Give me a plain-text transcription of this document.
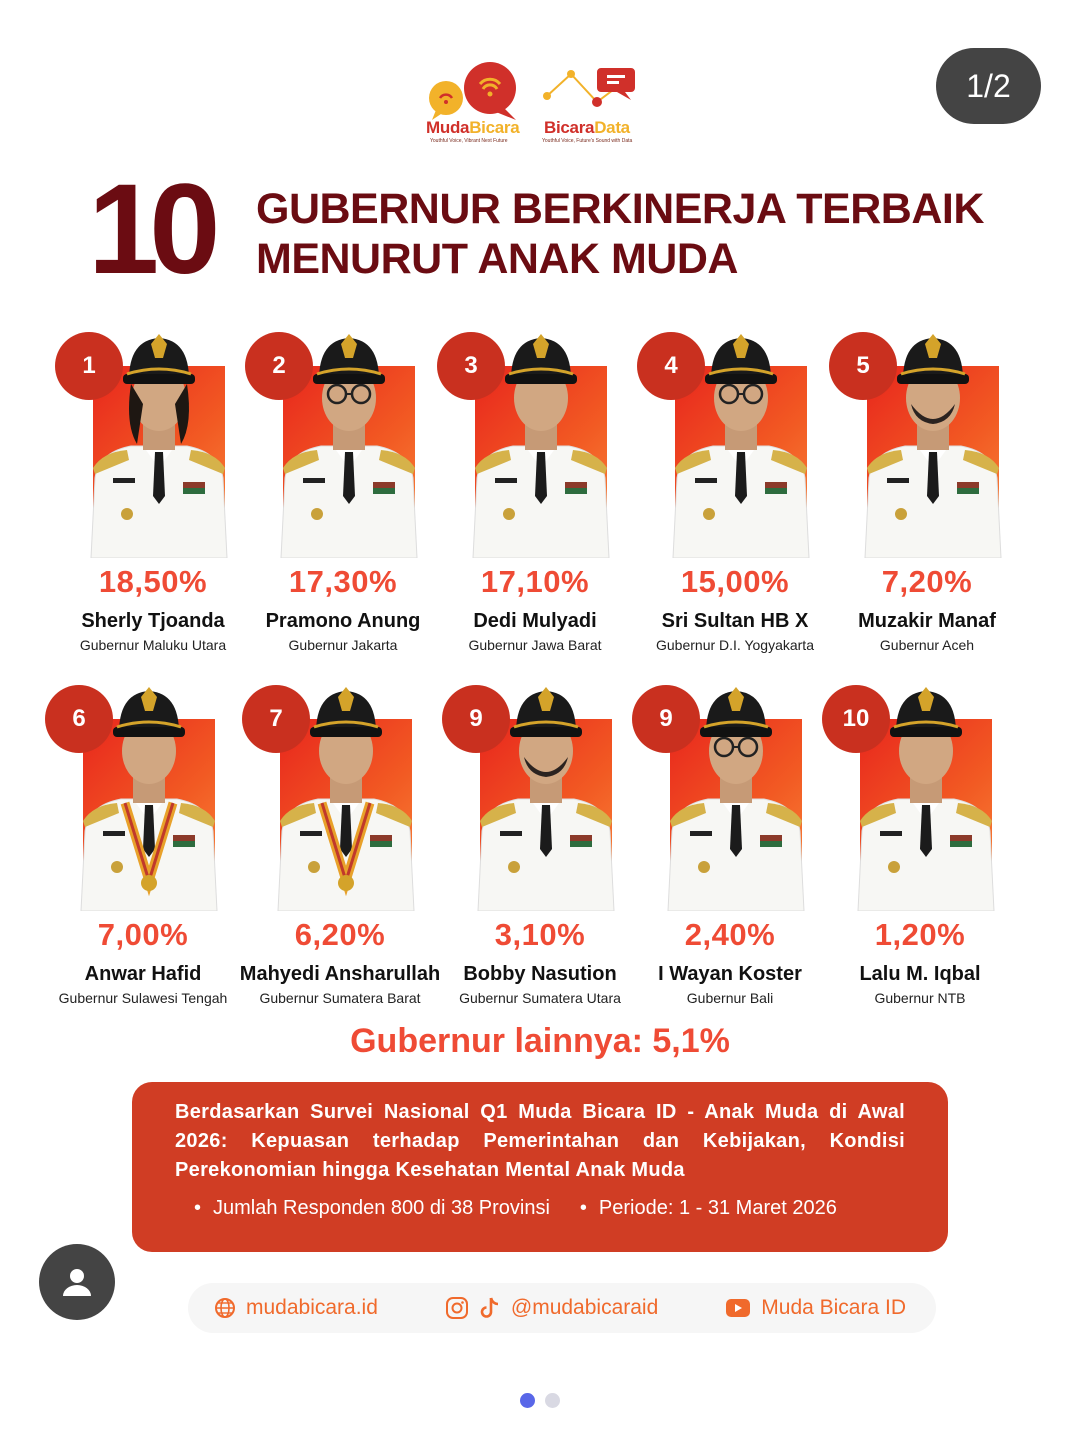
1/2
MudaBicara
Youthful Voice, Vibrant Next Future
BicaraData
Youthful Voice, Future's Sound with Data
10 GUBERNUR BERKINERJA TERBAIK
MENURUT ANAK MUDA
1
18,50%
Sherly Tjoanda
Gubernur Maluku Utara
2
17,30%
Pramono Anung
Gubernur Jakarta
3
17,10%
Dedi Mulyadi
Gubernur Jawa Barat
4
15,00%
Sri Sultan HB X
Gubernur D.I. Yogyakarta
5
7,20%
Muzakir Manaf
Gubernur Aceh
6
7,00%
Anwar Hafid
Gubernur Sulawesi Tengah
7
6,20%
Mahyedi Ansharullah
Gubernur Sumatera Barat
9
3,10%
Bobby Nasution
Gubernur Sumatera Utara
9
2,40%
I Wayan Koster
Gubernur Bali
10
1,20%
Lalu M. Iqbal
Gubernur NTB
Gubernur lainnya: 5,1%
Berdasarkan Survei Nasional Q1 Muda Bicara ID - Anak Muda di Awal 2026: Kepuasan terhadap Pemerintahan dan Kebijakan, Kondisi Perekonomian hingga Kesehatan Mental Anak Muda
• Jumlah Responden 800 di 38 Provinsi
•	Periode: 1 - 31 Maret 2026
mudabicara.id	@mudabicaraid	Muda Bicara ID
